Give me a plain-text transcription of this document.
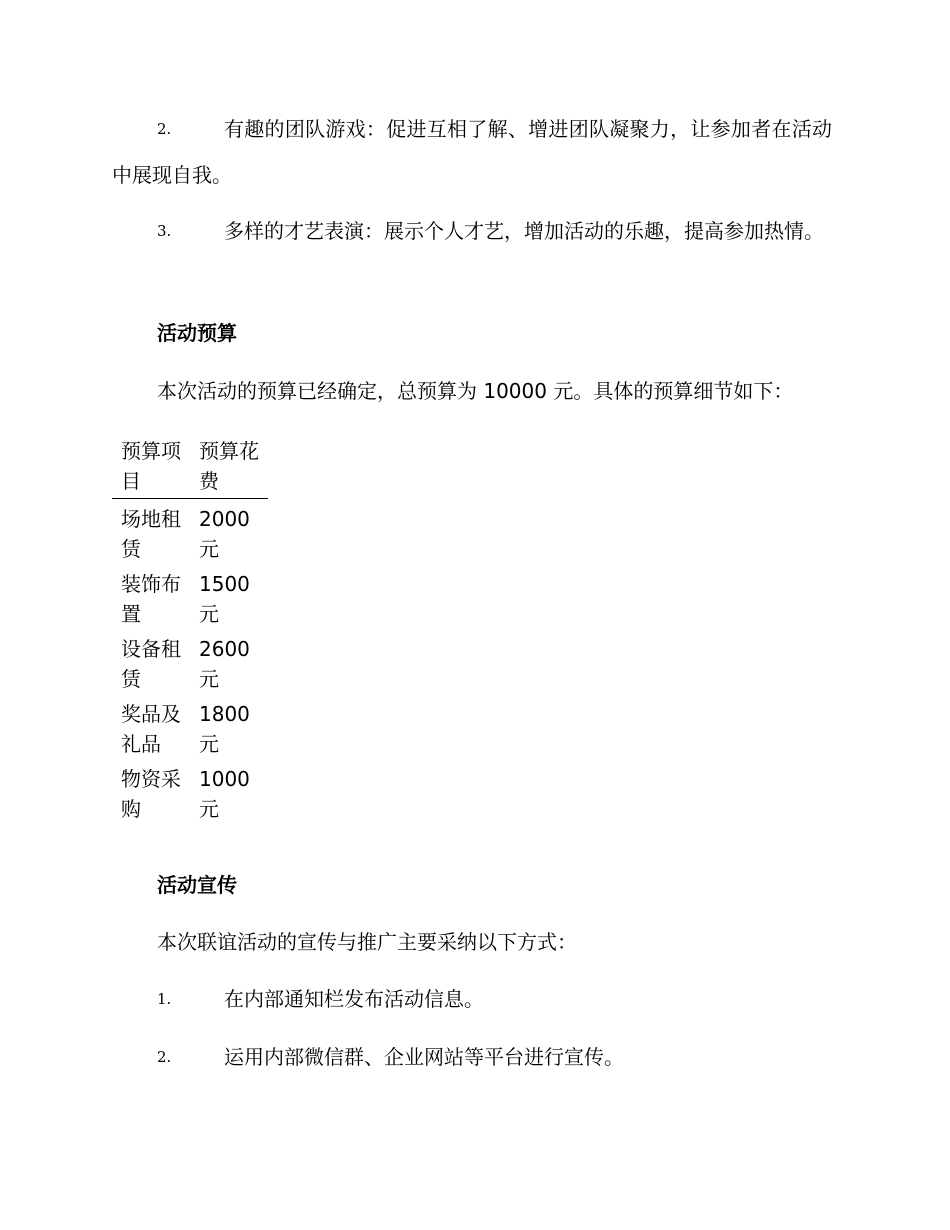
2.	有趣的团队游戏：促进互相了解、增进团队凝聚力，让参加者在活动中展现自我。
3.	多样的才艺表演：展示个人才艺，增加活动的乐趣，提高参加热情。
活动预算
本次活动的预算已经确定，总预算为 10000 元。具体的预算细节如下：
预算项目	预算花费
场地租赁	2000元
装饰布置	1500元
设备租赁	2600元
奖品及礼品	1800元
物资采购	1000元
活动宣传
本次联谊活动的宣传与推广主要采纳以下方式：
1.	在内部通知栏发布活动信息。
2.	运用内部微信群、企业网站等平台进行宣传。
